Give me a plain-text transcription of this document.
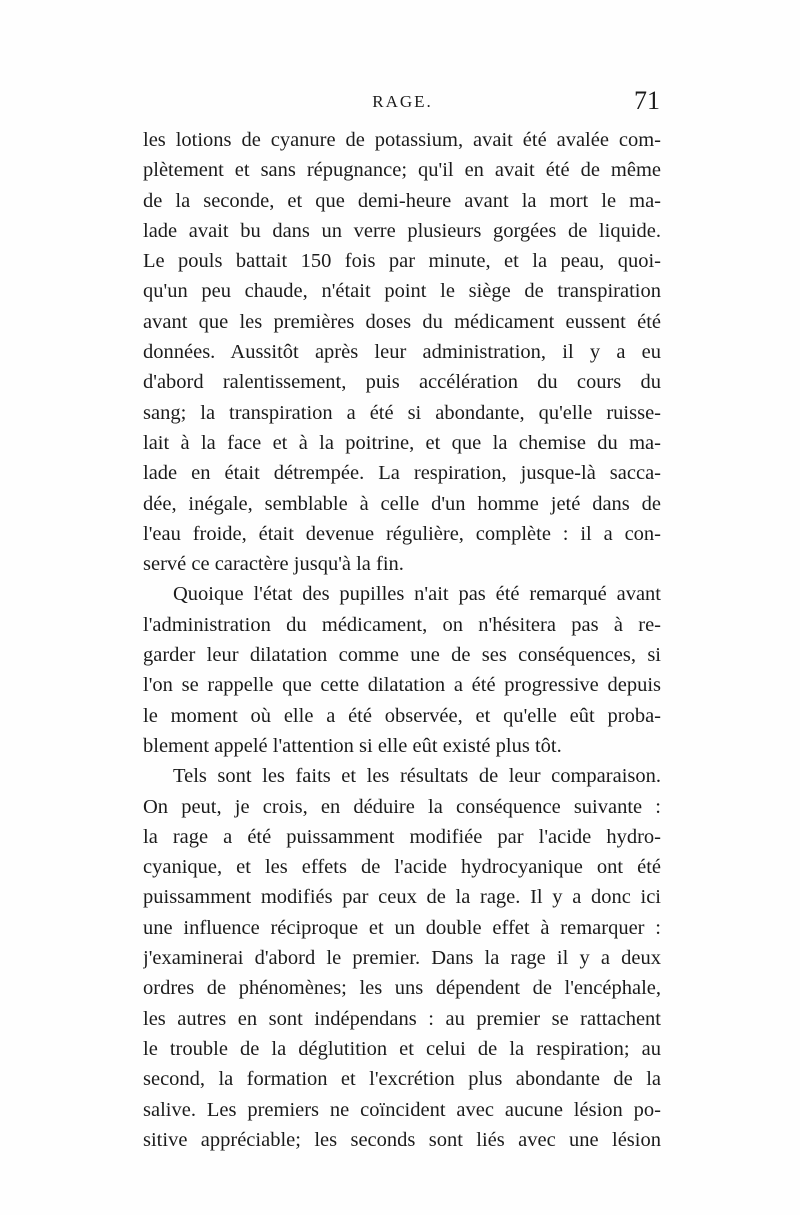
RAGE.	71
les lotions de cyanure de potassium, avait été avalée com-
plètement et sans répugnance; qu'il en avait été de même
de la seconde, et que demi-heure avant la mort le ma-
lade avait bu dans un verre plusieurs gorgées de liquide.
Le pouls battait 150 fois par minute, et la peau, quoi-
qu'un peu chaude, n'était point le siège de transpiration
avant que les premières doses du médicament eussent été
données. Aussitôt après leur administration, il y a eu
d'abord ralentissement, puis accélération du cours du
sang; la transpiration a été si abondante, qu'elle ruisse-
lait à la face et à la poitrine, et que la chemise du ma-
lade en était détrempée. La respiration, jusque-là sacca-
dée, inégale, semblable à celle d'un homme jeté dans de
l'eau froide, était devenue régulière, complète : il a con-
servé ce caractère jusqu'à la fin.
Quoique l'état des pupilles n'ait pas été remarqué avant
l'administration du médicament, on n'hésitera pas à re-
garder leur dilatation comme une de ses conséquences, si
l'on se rappelle que cette dilatation a été progressive depuis
le moment où elle a été observée, et qu'elle eût proba-
blement appelé l'attention si elle eût existé plus tôt.
Tels sont les faits et les résultats de leur comparaison.
On peut, je crois, en déduire la conséquence suivante :
la rage a été puissamment modifiée par l'acide hydro-
cyanique, et les effets de l'acide hydrocyanique ont été
puissamment modifiés par ceux de la rage. Il y a donc ici
une influence réciproque et un double effet à remarquer :
j'examinerai d'abord le premier. Dans la rage il y a deux
ordres de phénomènes; les uns dépendent de l'encéphale,
les autres en sont indépendans : au premier se rattachent
le trouble de la déglutition et celui de la respiration; au
second, la formation et l'excrétion plus abondante de la
salive. Les premiers ne coïncident avec aucune lésion po-
sitive appréciable; les seconds sont liés avec une lésion
